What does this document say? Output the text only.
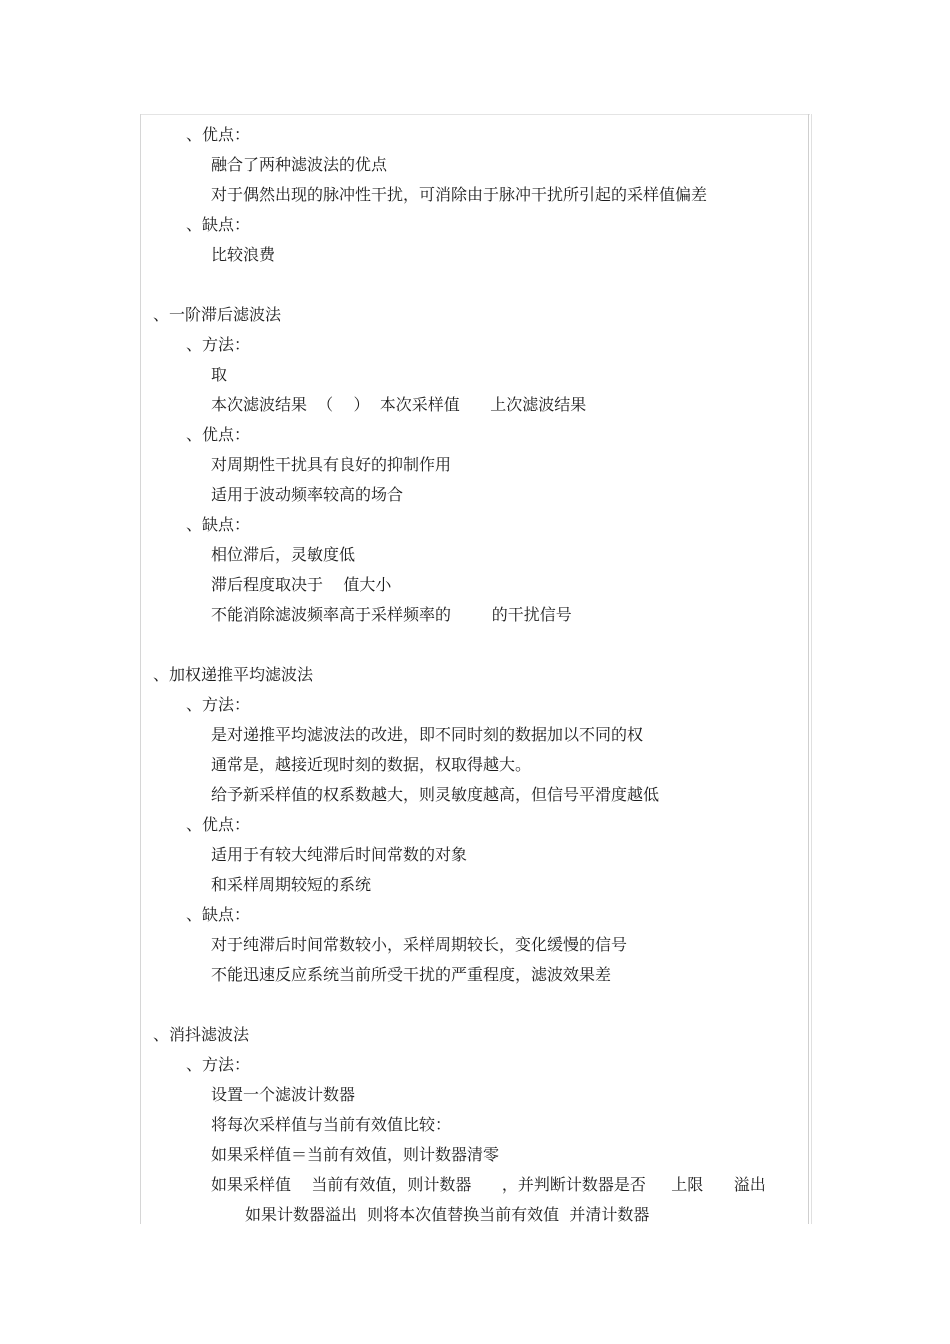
、优点：
融合了两种滤波法的优点
对于偶然出现的脉冲性干扰，可消除由于脉冲干扰所引起的采样值偏差
、缺点：
比较浪费
、一阶滞后滤波法
、方法：
取
本次滤波结果  （    ）  本次采样值      上次滤波结果
、优点：
对周期性干扰具有良好的抑制作用
适用于波动频率较高的场合
、缺点：
相位滞后，灵敏度低
滞后程度取决于    值大小
不能消除滤波频率高于采样频率的        的干扰信号
、加权递推平均滤波法
、方法：
是对递推平均滤波法的改进，即不同时刻的数据加以不同的权
通常是，越接近现时刻的数据，权取得越大。
给予新采样值的权系数越大，则灵敏度越高，但信号平滑度越低
、优点：
适用于有较大纯滞后时间常数的对象
和采样周期较短的系统
、缺点：
对于纯滞后时间常数较小，采样周期较长，变化缓慢的信号
不能迅速反应系统当前所受干扰的严重程度，滤波效果差
、消抖滤波法
、方法：
设置一个滤波计数器
将每次采样值与当前有效值比较：
如果采样值＝当前有效值，则计数器清零
如果采样值    当前有效值，则计数器      ，并判断计数器是否     上限      溢出
如果计数器溢出  则将本次值替换当前有效值  并清计数器
